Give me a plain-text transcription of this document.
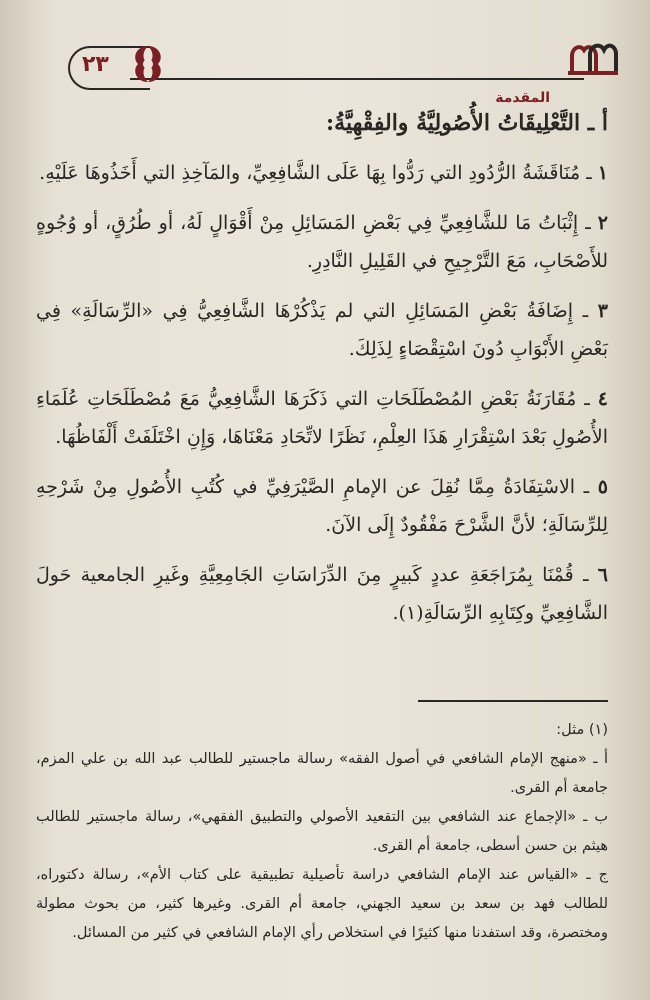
٢٣
المقدمة

أ ـ التَّعْلِيقَاتُ الأُصُولِيَّةُ والفِقْهِيَّةُ:

١ ـ مُنَاقَشَةُ الرُّدُودِ التي رَدُّوا بِهَا عَلَى الشَّافِعِيِّ، والمَآخِذِ التي أَخَذُوهَا عَلَيْهِ.

٢ ـ إِثْبَاتُ مَا للشَّافِعِيِّ فِي بَعْضِ المَسَائِلِ مِنْ أَقْوَالٍ لَهُ، أو طُرُقٍ، أو وُجُوهٍ للأَصْحَابِ، مَعَ التَّرْجِيحِ في القَلِيلِ النَّادِرِ.

٣ ـ إِضَافَةُ بَعْضِ المَسَائِلِ التي لم يَذْكُرْهَا الشَّافِعِيُّ فِي «الرِّسَالَةِ» فِي بَعْضِ الأَبْوَابِ دُونَ اسْتِقْصَاءٍ لِذَلِكَ.

٤ ـ مُقَارَنَةُ بَعْضِ المُصْطَلَحَاتِ التي ذَكَرَهَا الشَّافِعِيُّ مَعَ مُصْطَلَحَاتِ عُلَمَاءِ الأُصُولِ بَعْدَ اسْتِقْرَارِ هَذَا العِلْمِ، نَظَرًا لاتِّحَادِ مَعْنَاهَا، وَإِنِ اخْتَلَفَتْ أَلْفَاظُهَا.

٥ ـ الاسْتِفَادَةُ مِمَّا نُقِلَ عن الإمامِ الصَّيْرَفِيِّ في كُتُبِ الأُصُولِ مِنْ شَرْحِهِ لِلرِّسَالَةِ؛ لأنَّ الشَّرْحَ مَفْقُودٌ إِلَى الآنَ.

٦ ـ قُمْنَا بِمُرَاجَعَةِ عددٍ كَبيرٍ مِنَ الدِّرَاسَاتِ الجَامِعِيَّةِ وغَيرِ الجامعية حَولَ الشَّافِعِيِّ وكِتَابِهِ الرِّسَالَةِ(١).

(١) مثل:

أ ـ «منهج الإمام الشافعي في أصول الفقه» رسالة ماجستير للطالب عبد الله بن علي المزم، جامعة أم القرى.

ب ـ «الإجماع عند الشافعي بين التقعيد الأصولي والتطبيق الفقهي»، رسالة ماجستير للطالب هيثم بن حسن أسطى، جامعة أم القرى.

ج ـ «القياس عند الإمام الشافعي دراسة تأصيلية تطبيقية على كتاب الأم»، رسالة دكتوراه، للطالب فهد بن سعد بن سعيد الجهني، جامعة أم القرى. وغيرها كثير، من بحوث مطولة ومختصرة، وقد استفدنا منها كثيرًا في استخلاص رأي الإمام الشافعي في كثير من المسائل.
